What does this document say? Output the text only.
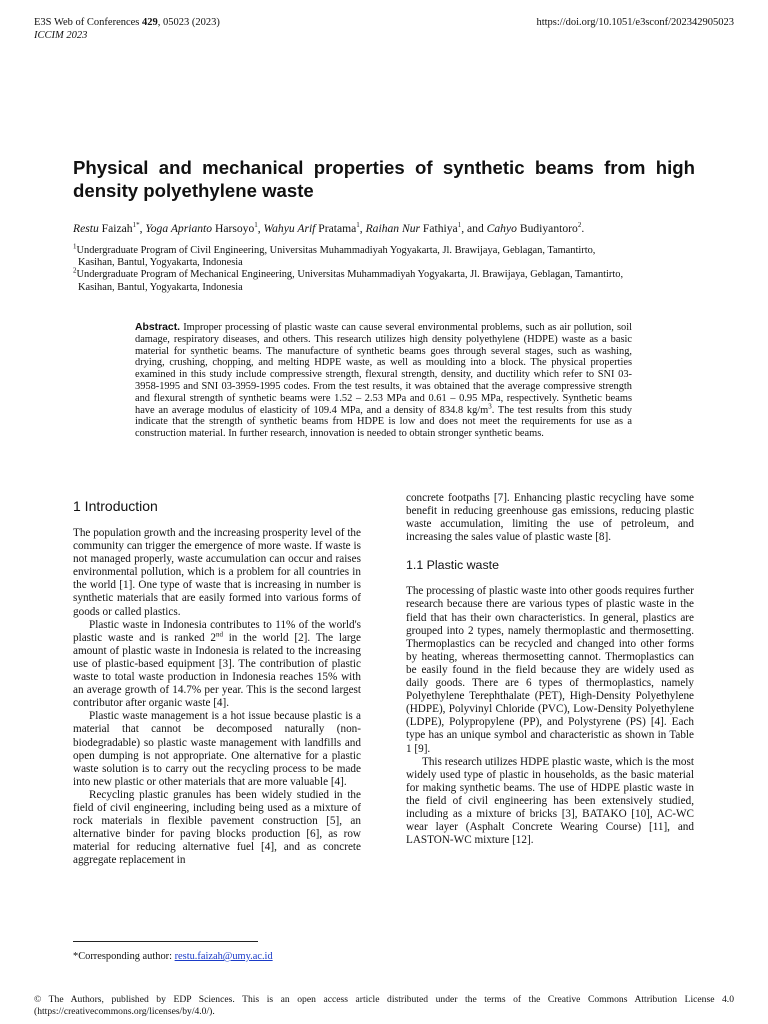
E3S Web of Conferences 429, 05023 (2023)
ICCIM 2023
https://doi.org/10.1051/e3sconf/202342905023
Physical and mechanical properties of synthetic beams from high density polyethylene waste
Restu Faizah$^{1*}$, Yoga Aprianto Harsoyo$^1$, Wahyu Arif Pratama$^1$, Raihan Nur Fathiya$^1$, and Cahyo Budiyantoro$^2$.

$^1$Undergraduate Program of Civil Engineering, Universitas Muhammadiyah Yogyakarta, Jl. Brawijaya, Geblagan, Tamantirto,
Kasihan, Bantul, Yogyakarta, Indonesia

$^2$Undergraduate Program of Mechanical Engineering, Universitas Muhammadiyah Yogyakarta, Jl. Brawijaya, Geblagan, Tamantirto,
Kasihan, Bantul, Yogyakarta, Indonesia

Abstract. Improper processing of plastic waste can cause several environmental problems, such as air pollution, soil damage, respiratory diseases, and others. This research utilizes high density polyethylene (HDPE) waste as a basic material for synthetic beams. The manufacture of synthetic beams goes through several stages, such as washing, drying, crushing, chopping, and melting HDPE waste, as well as moulding into a block. The physical properties examined in this study include compressive strength, flexural strength, density, and ductility which refer to SNI 03-3958-1995 and SNI 03-3959-1995 codes. From the test results, it was obtained that the average compressive strength and flexural strength of synthetic beams were 1.52 – 2.53 MPa and 0.61 – 0.95 MPa, respectively. Synthetic beams have an average modulus of elasticity of 109.4 MPa, and a density of 834.8 $kg/m^3$. The test results from this study indicate that the strength of synthetic beams from HDPE is low and does not meet the requirements for use as a construction material. In further research, innovation is needed to obtain stronger synthetic beams.

1 Introduction

The population growth and the increasing prosperity level of the community can trigger the emergence of more waste. If waste is not managed properly, waste accumulation can occur and raises environmental pollution, which is a problem for all countries in the world [1]. One type of waste that is increasing in number is synthetic materials that are easily formed into various forms of goods or called plastics.

Plastic waste in Indonesia contributes to 11% of the world's plastic waste and is ranked 2nd in the world [2]. The large amount of plastic waste in Indonesia is related to the increasing use of plastic-based equipment [3]. The contribution of plastic waste to total waste production in Indonesia reaches 15% with an average growth of 14.7% per year. This is the second largest contributor after organic waste [4].

Plastic waste management is a hot issue because plastic is a material that cannot be decomposed naturally (non-biodegradable) so plastic waste management with landfills and open dumping is not appropriate. One alternative for a plastic waste solution is to carry out the recycling process to be made into new plastic or other materials that are more valuable [4].

Recycling plastic granules has been widely studied in the field of civil engineering, including being used as a mixture of rock materials in flexible pavement construction [5], an alternative binder for paving blocks production [6], as row material for reducing alternative fuel [4], and as concrete aggregate replacement in

concrete footpaths [7]. Enhancing plastic recycling have some benefit in reducing greenhouse gas emissions, reducing plastic waste accumulation, limiting the use of petroleum, and increasing the sales value of plastic waste [8].

1.1 Plastic waste

The processing of plastic waste into other goods requires further research because there are various types of plastic waste in the field that has their own characteristics. In general, plastics are grouped into 2 types, namely thermoplastic and thermosetting. Thermoplastics can be recycled and changed into other forms by heating, whereas thermosetting cannot. Thermoplastics can be easily found in the field because they are widely used as daily goods. There are 6 types of thermoplastics, namely Polyethylene Terephthalate (PET), High-Density Polyethylene (HDPE), Polyvinyl Chloride (PVC), Low-Density Polyethylene (LDPE), Polypropylene (PP), and Polystyrene (PS) [4]. Each type has an unique symbol and characteristic as shown in Table 1 [9].

This research utilizes HDPE plastic waste, which is the most widely used type of plastic in households, as the basic material for making synthetic beams. The use of HDPE plastic waste in the field of civil engineering has been extensively studied, including as a mixture of bricks [3], BATAKO [10], AC-WC wear layer (Asphalt Concrete Wearing Course) [11], and LASTON-WC mixture [12].

*Corresponding author: restu.faizah@umy.ac.id
© The Authors, published by EDP Sciences. This is an open access article distributed under the terms of the Creative Commons Attribution License 4.0 (https://creativecommons.org/licenses/by/4.0/).
